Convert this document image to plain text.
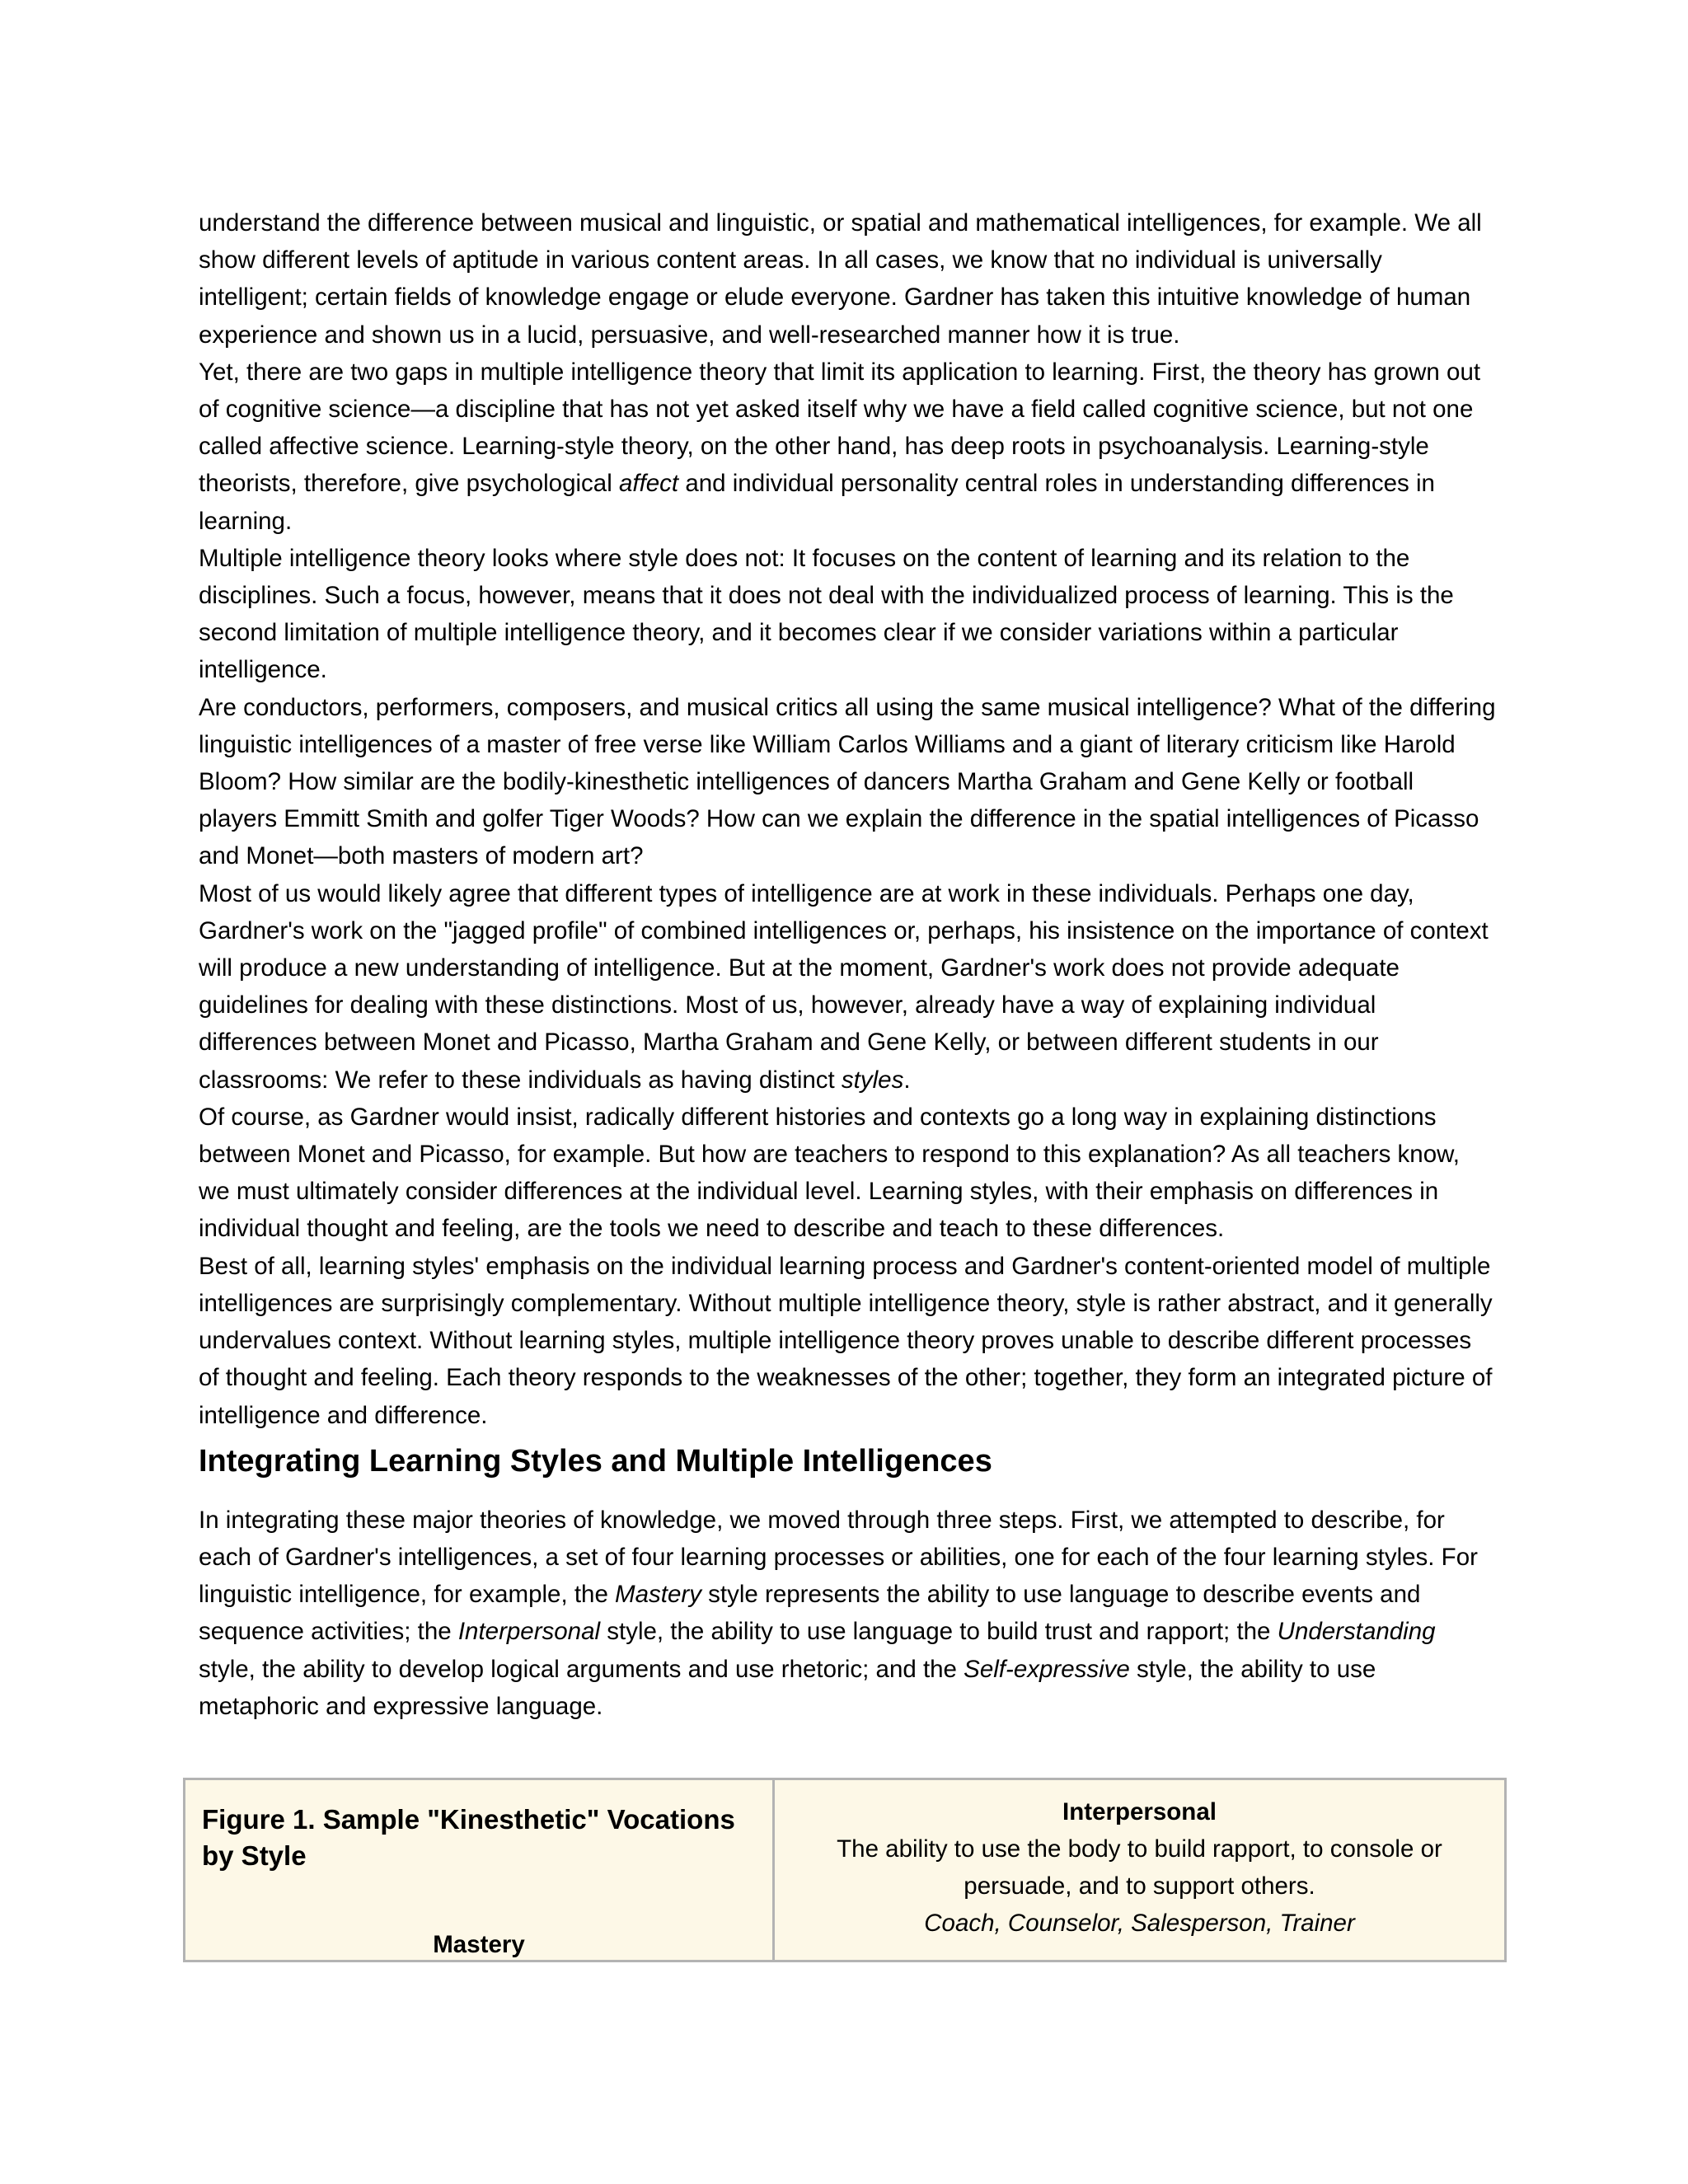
understand the difference between musical and linguistic, or spatial and mathematical intelligences, for example. We all show different levels of aptitude in various content areas. In all cases, we know that no individual is universally intelligent; certain fields of knowledge engage or elude everyone. Gardner has taken this intuitive knowledge of human experience and shown us in a lucid, persuasive, and well-researched manner how it is true.

Yet, there are two gaps in multiple intelligence theory that limit its application to learning. First, the theory has grown out of cognitive science—a discipline that has not yet asked itself why we have a field called cognitive science, but not one called affective science. Learning-style theory, on the other hand, has deep roots in psychoanalysis. Learning-style theorists, therefore, give psychological affect and individual personality central roles in understanding differences in learning.

Multiple intelligence theory looks where style does not: It focuses on the content of learning and its relation to the disciplines. Such a focus, however, means that it does not deal with the individualized process of learning. This is the second limitation of multiple intelligence theory, and it becomes clear if we consider variations within a particular intelligence.

Are conductors, performers, composers, and musical critics all using the same musical intelligence? What of the differing linguistic intelligences of a master of free verse like William Carlos Williams and a giant of literary criticism like Harold Bloom? How similar are the bodily-kinesthetic intelligences of dancers Martha Graham and Gene Kelly or football players Emmitt Smith and golfer Tiger Woods? How can we explain the difference in the spatial intelligences of Picasso and Monet—both masters of modern art?

Most of us would likely agree that different types of intelligence are at work in these individuals. Perhaps one day, Gardner's work on the "jagged profile" of combined intelligences or, perhaps, his insistence on the importance of context will produce a new understanding of intelligence. But at the moment, Gardner's work does not provide adequate guidelines for dealing with these distinctions. Most of us, however, already have a way of explaining individual differences between Monet and Picasso, Martha Graham and Gene Kelly, or between different students in our classrooms: We refer to these individuals as having distinct styles.

Of course, as Gardner would insist, radically different histories and contexts go a long way in explaining distinctions between Monet and Picasso, for example. But how are teachers to respond to this explanation? As all teachers know, we must ultimately consider differences at the individual level. Learning styles, with their emphasis on differences in individual thought and feeling, are the tools we need to describe and teach to these differences.

Best of all, learning styles' emphasis on the individual learning process and Gardner's content-oriented model of multiple intelligences are surprisingly complementary. Without multiple intelligence theory, style is rather abstract, and it generally undervalues context. Without learning styles, multiple intelligence theory proves unable to describe different processes of thought and feeling. Each theory responds to the weaknesses of the other; together, they form an integrated picture of intelligence and difference.

Integrating Learning Styles and Multiple Intelligences

In integrating these major theories of knowledge, we moved through three steps. First, we attempted to describe, for each of Gardner's intelligences, a set of four learning processes or abilities, one for each of the four learning styles. For linguistic intelligence, for example, the Mastery style represents the ability to use language to describe events and sequence activities; the Interpersonal style, the ability to use language to build trust and rapport; the Understanding style, the ability to develop logical arguments and use rhetoric; and the Self-expressive style, the ability to use metaphoric and expressive language.

Figure 1. Sample "Kinesthetic" Vocations by Style
Mastery
Interpersonal
The ability to use the body to build rapport, to console or persuade, and to support others.
Coach, Counselor, Salesperson, Trainer
